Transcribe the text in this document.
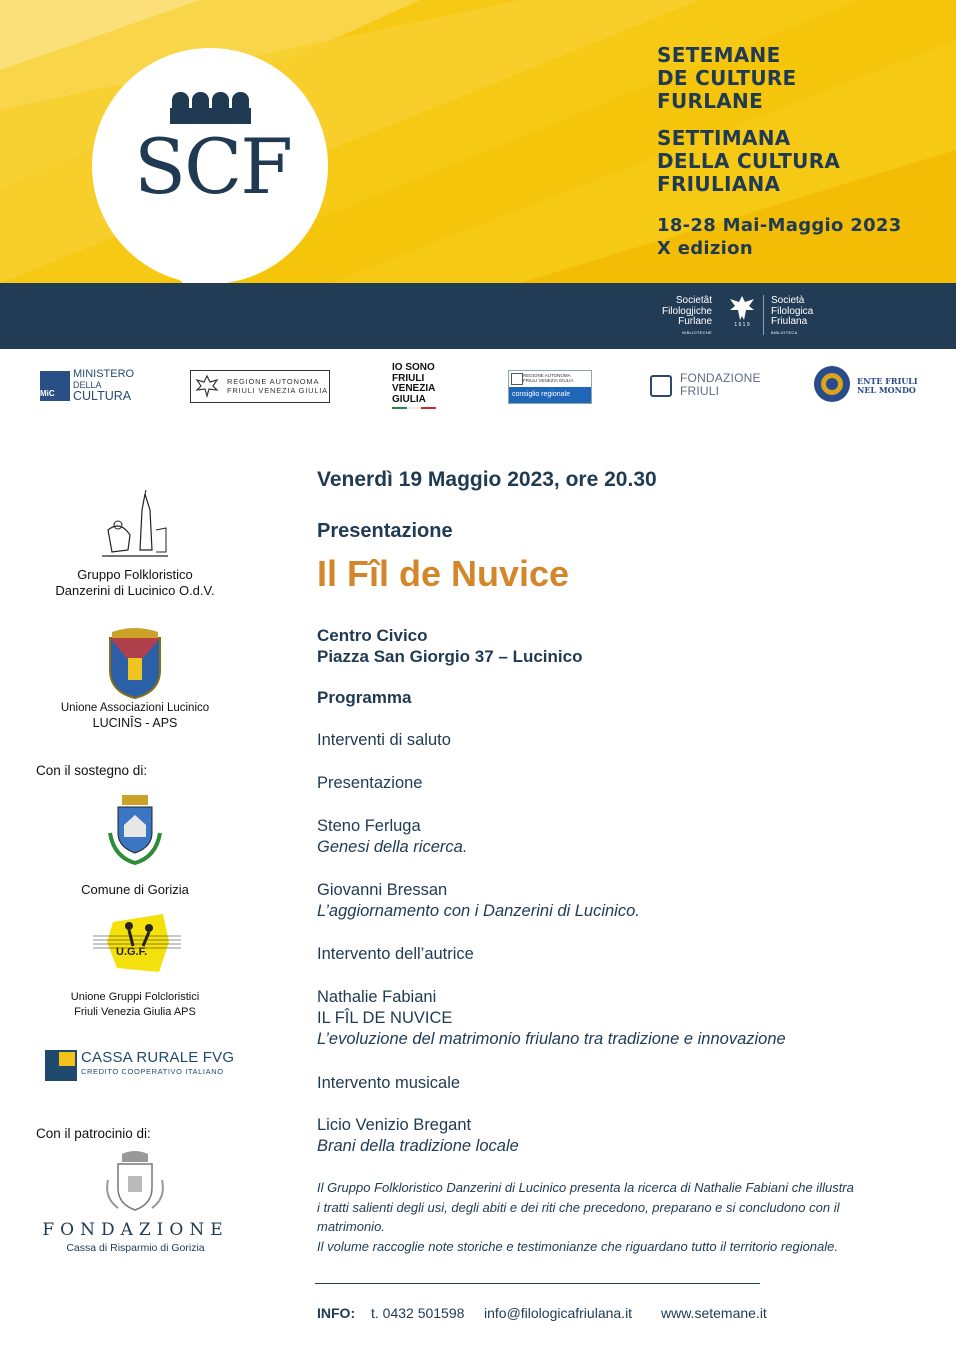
SCF
SETEMANE
DE CULTURE
FURLANE
SETTIMANA
DELLA CULTURA
FRIULIANA
18-28 Mai-Maggio 2023
X edizion
Societât
Filologjiche
Furlane
BIBLIOTECHE
1 9 1 9
Società
Filologica
Friulana
BIBLIOTECA
MiC
MINISTERO
DELLA
CULTURA
REGIONE AUTONOMA
FRIULI VENEZIA GIULIA
IO SONO
FRIULI
VENEZIA
GIULIA
REGIONE AUTONOMA
FRIULI VENEZIA GIULIA
consiglio regionale
FONDAZIONE
FRIULI
ENTE FRIULI
NEL MONDO
Gruppo Folkloristico
Danzerini di Lucinico O.d.V.
Unione Associazioni Lucinico
LUCINÎS - APS
Con il sostegno di:
Comune di Gorizia
U.G.F.
Unione Gruppi Folcloristici
Friuli Venezia Giulia APS
CASSA RURALE FVG
CREDITO COOPERATIVO ITALIANO
Con il patrocinio di:
FONDAZIONE
Cassa di Risparmio di Gorizia
Venerdì 19 Maggio 2023, ore 20.30
Presentazione
Il Fîl de Nuvice
Centro Civico
Piazza San Giorgio 37 – Lucinico
Programma
Interventi di saluto
Presentazione
Steno Ferluga
Genesi della ricerca.
Giovanni Bressan
L’aggiornamento con i Danzerini di Lucinico.
Intervento dell’autrice
Nathalie Fabiani
IL FÎL DE NUVICE
L’evoluzione del matrimonio friulano tra tradizione e innovazione
Intervento musicale
Licio Venizio Bregant
Brani della tradizione locale
Il Gruppo Folkloristico Danzerini di Lucinico presenta la ricerca di Nathalie Fabiani che illustra
i tratti salienti degli usi, degli abiti e dei riti che precedono, preparano e si concludono con il
matrimonio.
Il volume raccoglie note storiche e testimonianze che riguardano tutto il territorio regionale.
INFO: t. 0432 501598 info@filologicafriulana.it www.setemane.it
